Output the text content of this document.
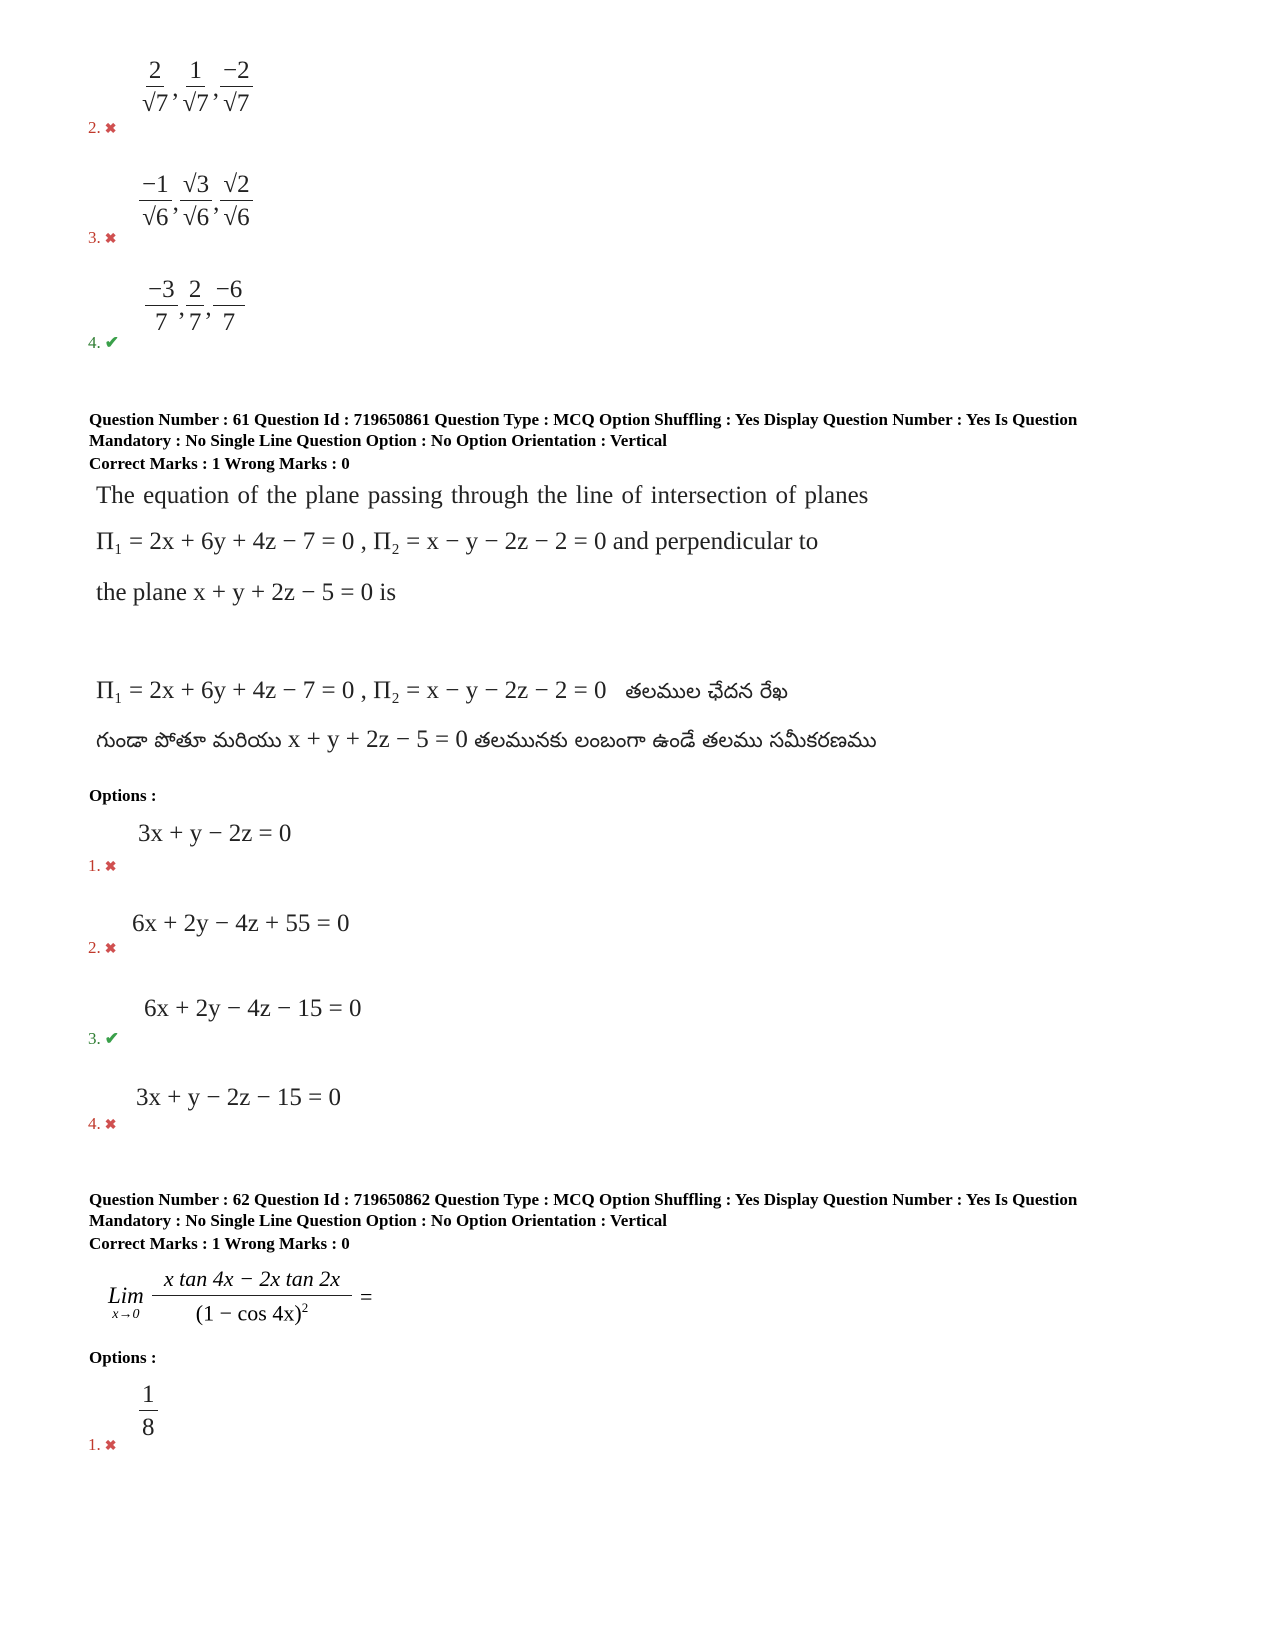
$\frac{2}{√7}$ , $\frac{1}{√7}$ , $\frac{-2}{√7}$
2. ✖
$\frac{-1}{√6}$ , $\frac{√3}{√6}$ , $\frac{√2}{√6}$
3. ✖
$\frac{-3}{7}$ , $\frac{2}{7}$ , $\frac{-6}{7}$
4. ✔
Question Number : 61 Question Id : 719650861 Question Type : MCQ Option Shuffling : Yes Display Question Number : Yes Is Question
Mandatory : No Single Line Question Option : No Option Orientation : Vertical
Correct Marks : 1 Wrong Marks : 0
The equation of the plane passing through the line of intersection of planes
Π₁ = 2x + 6y + 4z − 7 = 0 , Π₂ = x − y − 2z − 2 = 0 and perpendicular to
the plane x + y + 2z − 5 = 0 is
Π₁ = 2x + 6y + 4z − 7 = 0 , Π₂ = x − y − 2z − 2 = 0 తలముల ఛేదన రేఖ
గుండా పోతూ మరియు x + y + 2z − 5 = 0 తలమునకు లంబంగా ఉండే తలము సమీకరణము
Options :
3x + y − 2z = 0
1. ✖
6x + 2y − 4z + 55 = 0
2. ✖
6x + 2y − 4z − 15 = 0
3. ✔
3x + y − 2z − 15 = 0
4. ✖
Question Number : 62 Question Id : 719650862 Question Type : MCQ Option Shuffling : Yes Display Question Number : Yes Is Question
Mandatory : No Single Line Question Option : No Option Orientation : Vertical
Correct Marks : 1 Wrong Marks : 0
Lim
$x\to 0 \frac{\text{x tan 4x − 2x tan 2x}}{(1 - \cos 4x)^2}$ =
Options :
$\frac{1}{8}$
1. ✖
